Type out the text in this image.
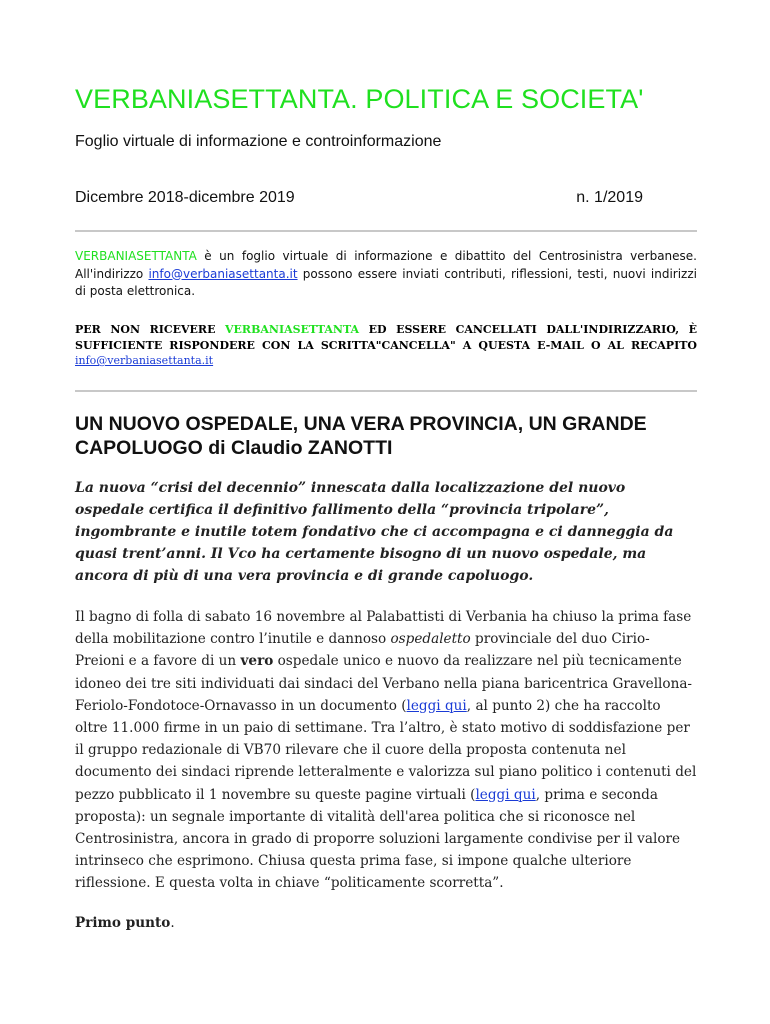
VERBANIASETTANTA. POLITICA E SOCIETA'

Foglio virtuale di informazione e controinformazione

Dicembre 2018-dicembre 2019	n. 1/2019

VERBANIASETTANTA è un foglio virtuale di informazione e dibattito del Centrosinistra verbanese. All'indirizzo info@verbaniasettanta.it possono essere inviati contributi, riflessioni, testi, nuovi indirizzi di posta elettronica.

PER NON RICEVERE VERBANIASETTANTA ED ESSERE CANCELLATI DALL'INDIRIZZARIO, È SUFFICIENTE RISPONDERE CON LA SCRITTA"CANCELLA" A QUESTA E-MAIL O AL RECAPITO info@verbaniasettanta.it

UN NUOVO OSPEDALE, UNA VERA PROVINCIA, UN GRANDE CAPOLUOGO di Claudio ZANOTTI

La nuova “crisi del decennio” innescata dalla localizzazione del nuovo ospedale certifica il definitivo fallimento della “provincia tripolare”, ingombrante e inutile totem fondativo che ci accompagna e ci danneggia da quasi trent’anni. Il Vco ha certamente bisogno di un nuovo ospedale, ma ancora di più di una vera provincia e di grande capoluogo.

Il bagno di folla di sabato 16 novembre al Palabattisti di Verbania ha chiuso la prima fase della mobilitazione contro l’inutile e dannoso ospedaletto provinciale del duo Cirio-Preioni e a favore di un vero ospedale unico e nuovo da realizzare nel più tecnicamente idoneo dei tre siti individuati dai sindaci del Verbano nella piana baricentrica Gravellona-Feriolo-Fondotoce-Ornavasso in un documento (leggi qui, al punto 2) che ha raccolto oltre 11.000 firme in un paio di settimane. Tra l’altro, è stato motivo di soddisfazione per il gruppo redazionale di VB70 rilevare che il cuore della proposta contenuta nel documento dei sindaci riprende letteralmente e valorizza sul piano politico i contenuti del pezzo pubblicato il 1 novembre su queste pagine virtuali (leggi qui, prima e seconda proposta): un segnale importante di vitalità dell'area politica che si riconosce nel Centrosinistra, ancora in grado di proporre soluzioni largamente condivise per il valore intrinseco che esprimono. Chiusa questa prima fase, si impone qualche ulteriore riflessione. E questa volta in chiave “politicamente scorretta”.

Primo punto.
